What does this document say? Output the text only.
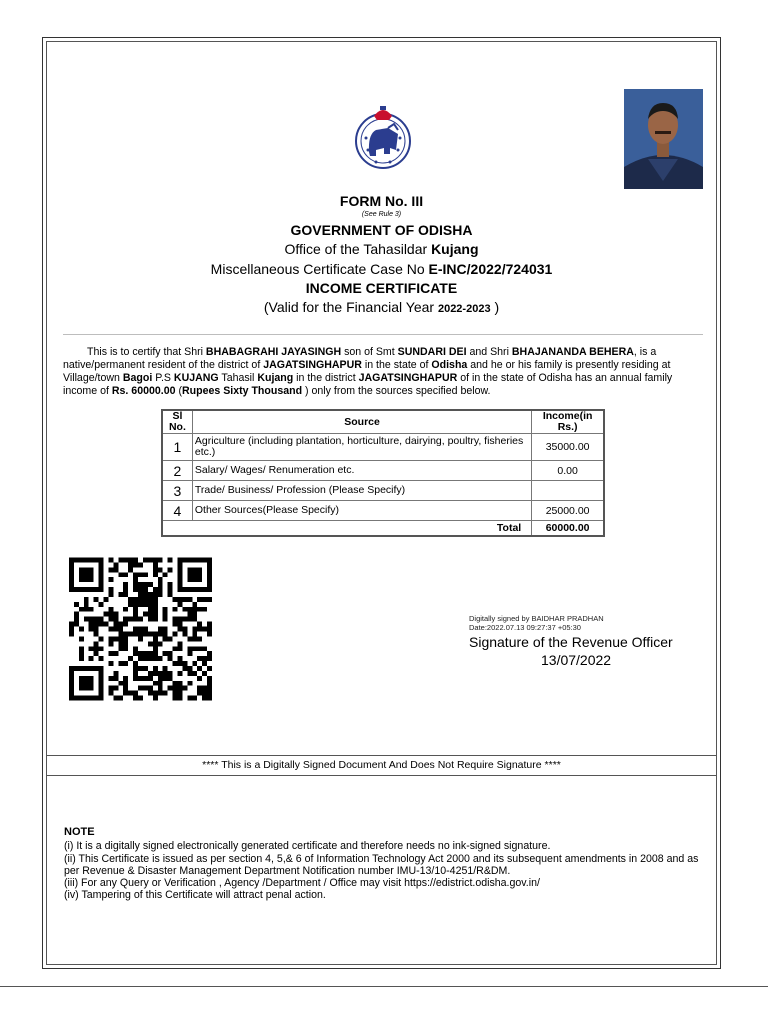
FORM No. III
(See Rule 3)
GOVERNMENT OF ODISHA
Office of the Tahasildar Kujang
Miscellaneous Certificate Case No E-INC/2022/724031
INCOME CERTIFICATE
(Valid for the Financial Year 2022-2023 )
This is to certify that Shri BHABAGRAHI JAYASINGH son of Smt SUNDARI DEI and Shri BHAJANANDA BEHERA, is a native/permanent resident of the district of JAGATSINGHAPUR in the state of Odisha and he or his family is presently residing at Village/town Bagoi P.S KUJANG Tahasil Kujang in the district JAGATSINGHAPUR of in the state of Odisha has an annual family income of Rs. 60000.00 (Rupees Sixty Thousand ) only from the sources specified below.
Sl No.	Source	Income(in Rs.)
1	Agriculture (including plantation, horticulture, dairying, poultry, fisheries etc.)	35000.00
2	Salary/ Wages/ Renumeration etc.	0.00
3	Trade/ Business/ Profession (Please Specify)	
4	Other Sources(Please Specify)	25000.00
Total		60000.00
Digitally signed by BAIDHAR PRADHAN
Date:2022.07.13 09:27:37 +05:30
Signature of the Revenue Officer
13/07/2022
**** This is a Digitally Signed Document And Does Not Require Signature ****
NOTE
(i) It is a digitally signed electronically generated certificate and therefore needs no ink-signed signature.
(ii) This Certificate is issued as per section 4, 5,& 6 of Information Technology Act 2000 and its subsequent amendments in 2008 and as per Revenue & Disaster Management Department Notification number IMU-13/10-4251/R&DM.
(iii) For any Query or Verification , Agency /Department / Office may visit https://edistrict.odisha.gov.in/
(iv) Tampering of this Certificate will attract penal action.
